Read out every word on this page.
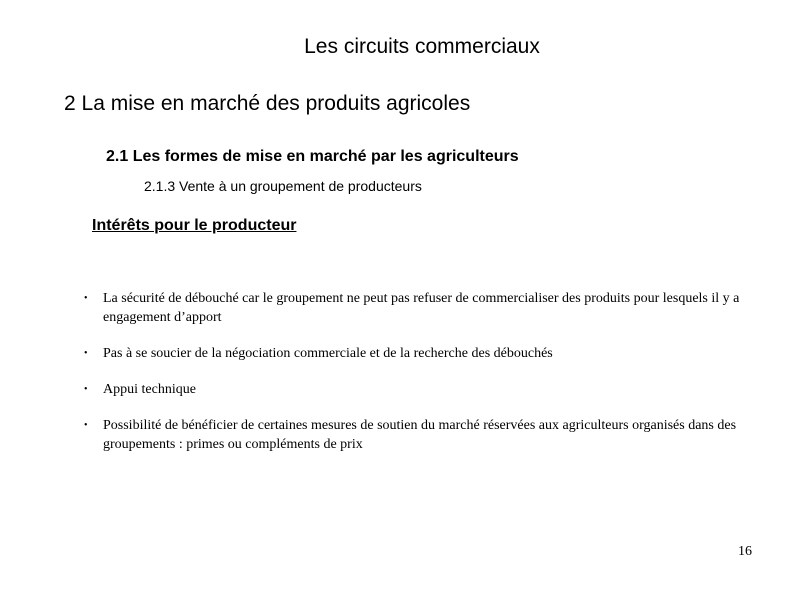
Les circuits commerciaux
2 La mise en marché des produits agricoles
2.1 Les formes de mise en marché par les agriculteurs
2.1.3 Vente à un groupement de producteurs
Intérêts pour le producteur
• La sécurité de débouché car le groupement ne peut pas refuser de commercialiser des produits pour lesquels il y a engagement d’apport
• Pas à se soucier de la négociation commerciale et de la recherche des débouchés
• Appui technique
• Possibilité de bénéficier de certaines mesures de soutien du marché réservées aux agriculteurs organisés dans des groupements : primes ou compléments de prix
16
